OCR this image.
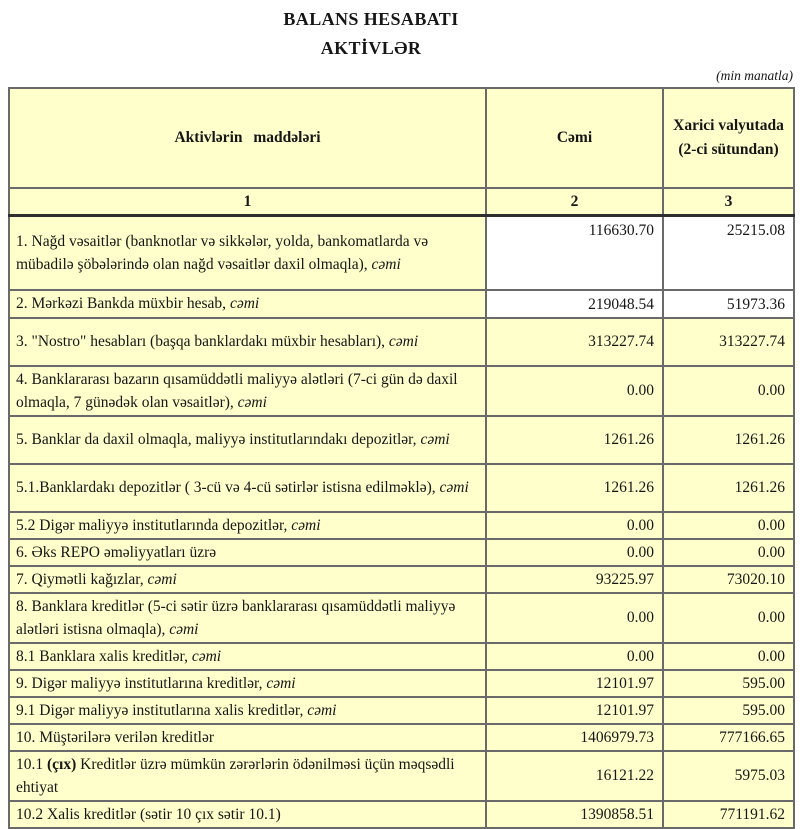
BALANS HESABATI
AKTİVLƏR
(min manatla)
Aktivlərin maddələri	Cəmi	Xarici valyutada (2-ci sütundan)
1	2	3
1. Nağd vəsaitlər (banknotlar və sikkələr, yolda, bankomatlarda və mübadilə şöbələrində olan nağd vəsaitlər daxil olmaqla), cəmi	116630.70	25215.08
2. Mərkəzi Bankda müxbir hesab, cəmi	219048.54	51973.36
3. "Nostro" hesabları (başqa banklardakı müxbir hesabları), cəmi	313227.74	313227.74
4. Banklararası bazarın qısamüddətli maliyyə alətləri (7-ci gün də daxil olmaqla, 7 günədək olan vəsaitlər), cəmi	0.00	0.00
5. Banklar da daxil olmaqla, maliyyə institutlarındakı depozitlər, cəmi	1261.26	1261.26
5.1.Banklardakı depozitlər ( 3-cü və 4-cü sətirlər istisna edilməklə), cəmi	1261.26	1261.26
5.2 Digər maliyyə institutlarında depozitlər, cəmi	0.00	0.00
6. Əks REPO əməliyyatları üzrə	0.00	0.00
7. Qiymətli kağızlar, cəmi	93225.97	73020.10
8. Banklara kreditlər (5-ci sətir üzrə banklararası qısamüddətli maliyyə alətləri istisna olmaqla), cəmi	0.00	0.00
8.1 Banklara xalis kreditlər, cəmi	0.00	0.00
9. Digər maliyyə institutlarına kreditlər, cəmi	12101.97	595.00
9.1 Digər maliyyə institutlarına xalis kreditlər, cəmi	12101.97	595.00
10. Müştərilərə verilən kreditlər	1406979.73	777166.65
10.1 (çıx) Kreditlər üzrə mümkün zərərlərin ödənilməsi üçün məqsədli ehtiyat	16121.22	5975.03
10.2 Xalis kreditlər (sətir 10 çıx sətir 10.1)	1390858.51	771191.62
